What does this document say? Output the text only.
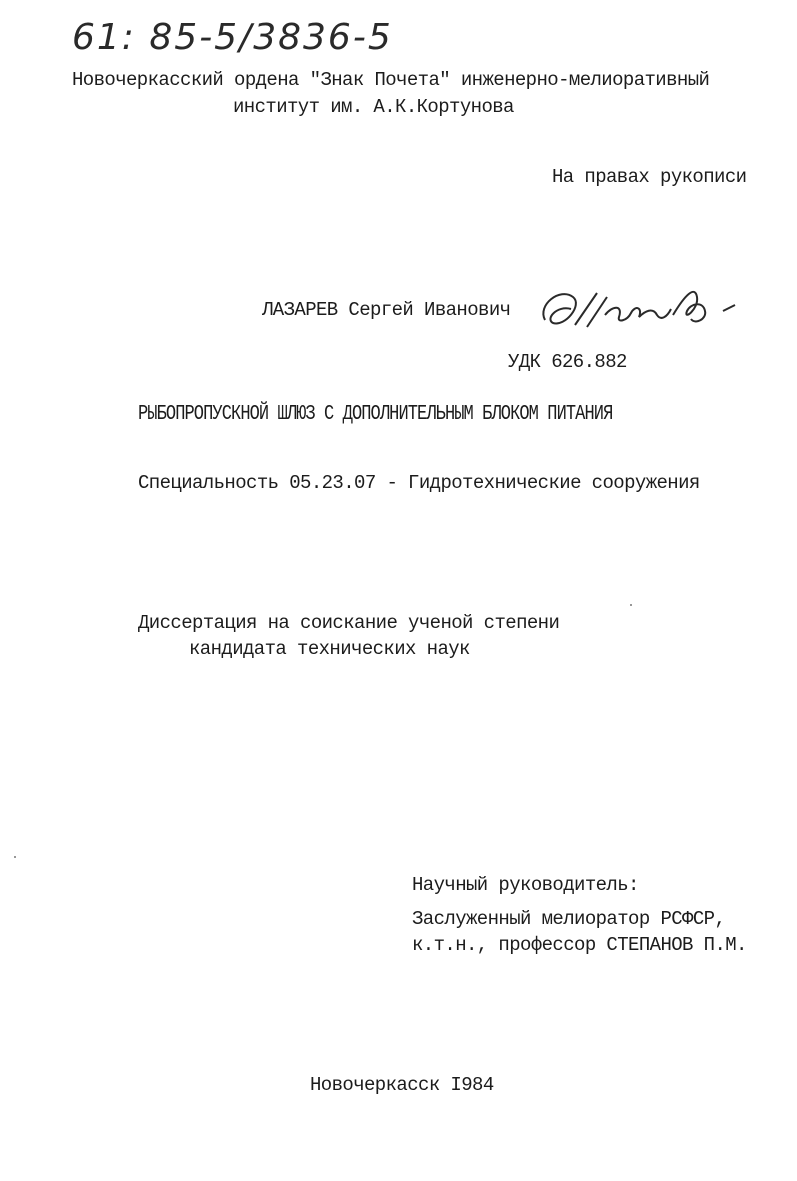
61: 85-5/3836-5
Новочеркасский ордена "Знак Почета" инженерно-мелиоративный
институт им. А.К.Кортунова
На правах рукописи
ЛАЗАРЕВ Сергей Иванович
УДК 626.882
РЫБОПРОПУСКНОЙ ШЛЮЗ С ДОПОЛНИТЕЛЬНЫМ БЛОКОМ ПИТАНИЯ
Специальность 05.23.07 - Гидротехнические сооружения
Диссертация на соискание ученой степени
кандидата технических наук
Научный руководитель:
Заслуженный мелиоратор РСФСР,
к.т.н., профессор СТЕПАНОВ П.М.
Новочеркасск I984
